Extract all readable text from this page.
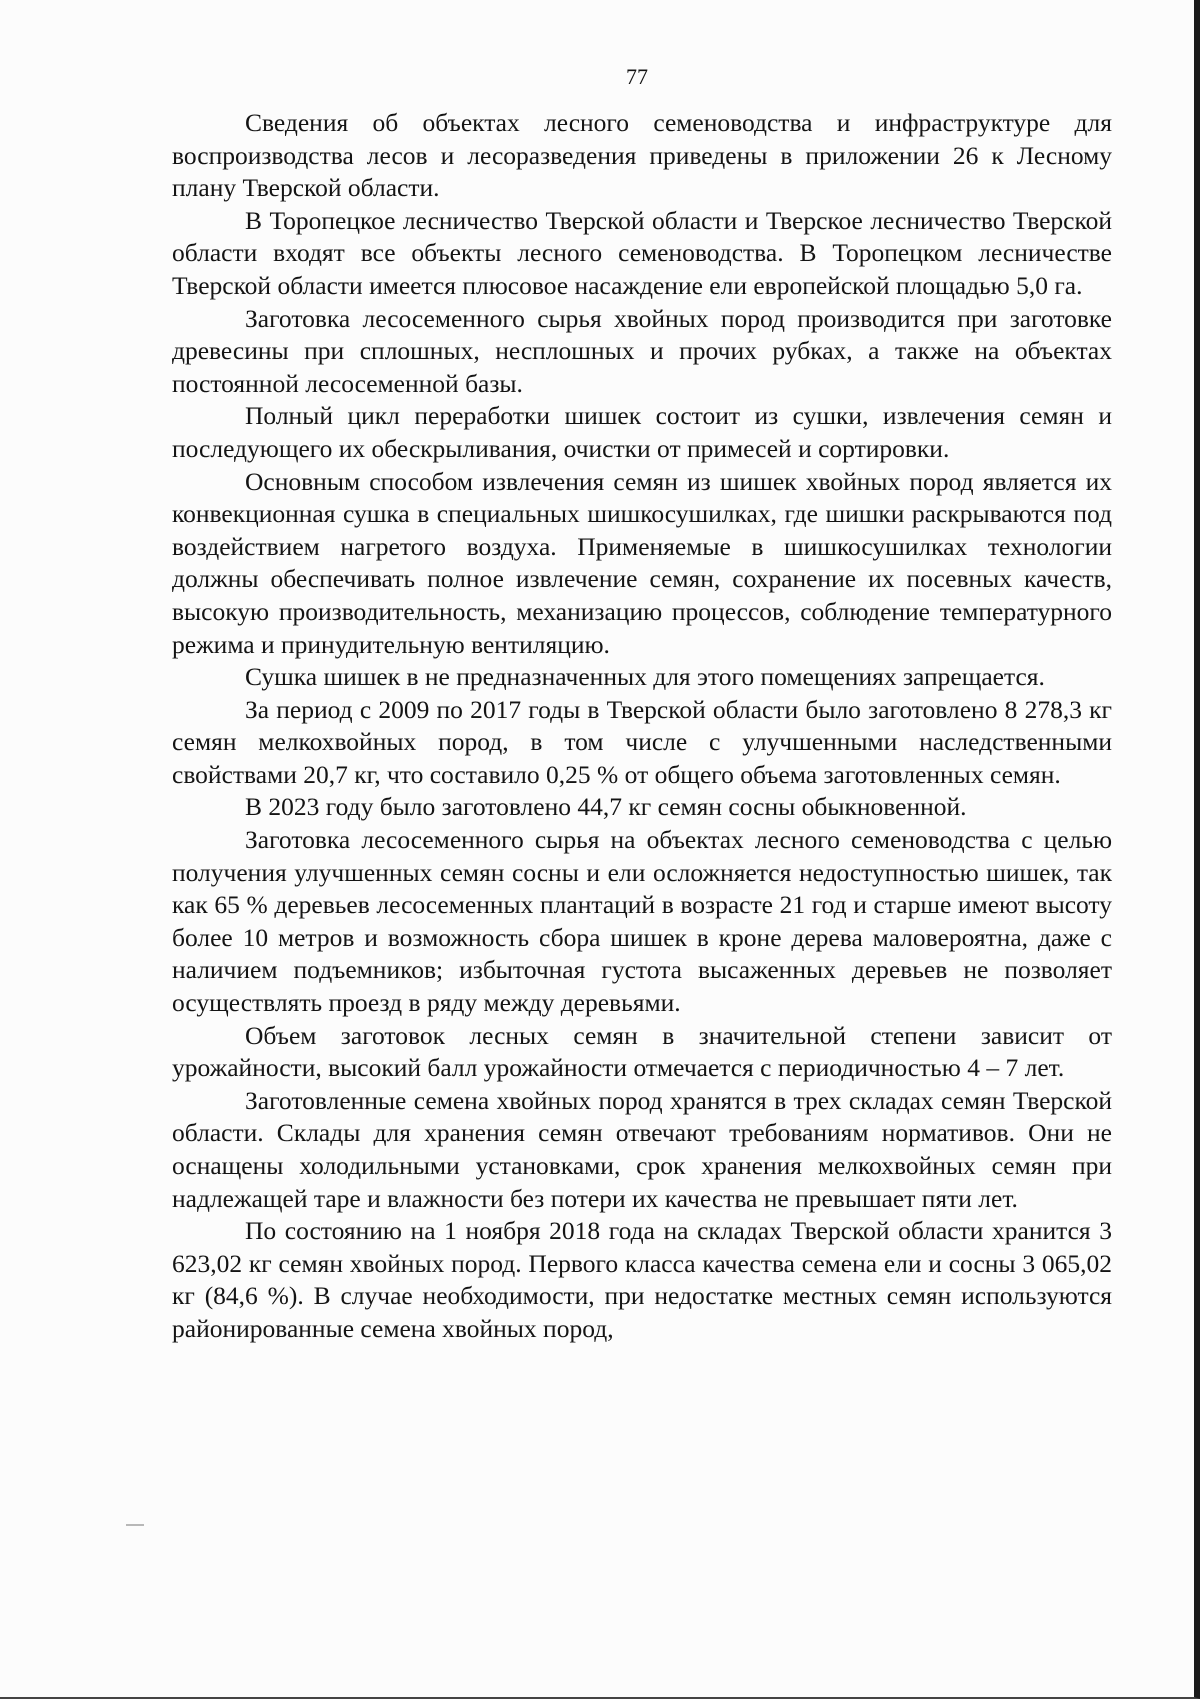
77

Сведения об объектах лесного семеноводства и инфраструктуре для воспроизводства лесов и лесоразведения приведены в приложении 26 к Лесному плану Тверской области.

В Торопецкое лесничество Тверской области и Тверское лесничество Тверской области входят все объекты лесного семеноводства. В Торопецком лесничестве Тверской области имеется плюсовое насаждение ели европейской площадью 5,0 га.

Заготовка лесосеменного сырья хвойных пород производится при заготовке древесины при сплошных, несплошных и прочих рубках, а также на объектах постоянной лесосеменной базы.

Полный цикл переработки шишек состоит из сушки, извлечения семян и последующего их обескрыливания, очистки от примесей и сортировки.

Основным способом извлечения семян из шишек хвойных пород является их конвекционная сушка в специальных шишкосушилках, где шишки раскрываются под воздействием нагретого воздуха. Применяемые в шишкосушилках технологии должны обеспечивать полное извлечение семян, сохранение их посевных качеств, высокую производительность, механизацию процессов, соблюдение температурного режима и принудительную вентиляцию.

Сушка шишек в не предназначенных для этого помещениях запрещается.

За период с 2009 по 2017 годы в Тверской области было заготовлено 8 278,3 кг семян мелкохвойных пород, в том числе с улучшенными наследственными свойствами 20,7 кг, что составило 0,25 % от общего объема заготовленных семян.

В 2023 году было заготовлено 44,7 кг семян сосны обыкновенной.

Заготовка лесосеменного сырья на объектах лесного семеноводства с целью получения улучшенных семян сосны и ели осложняется недоступностью шишек, так как 65 % деревьев лесосеменных плантаций в возрасте 21 год и старше имеют высоту более 10 метров и возможность сбора шишек в кроне дерева маловероятна, даже с наличием подъемников; избыточная густота высаженных деревьев не позволяет осуществлять проезд в ряду между деревьями.

Объем заготовок лесных семян в значительной степени зависит от урожайности, высокий балл урожайности отмечается с периодичностью 4 – 7 лет.

Заготовленные семена хвойных пород хранятся в трех складах семян Тверской области. Склады для хранения семян отвечают требованиям нормативов. Они не оснащены холодильными установками, срок хранения мелкохвойных семян при надлежащей таре и влажности без потери их качества не превышает пяти лет.

По состоянию на 1 ноября 2018 года на складах Тверской области хранится 3 623,02 кг семян хвойных пород. Первого класса качества семена ели и сосны 3 065,02 кг (84,6 %). В случае необходимости, при недостатке местных семян используются районированные семена хвойных пород,
